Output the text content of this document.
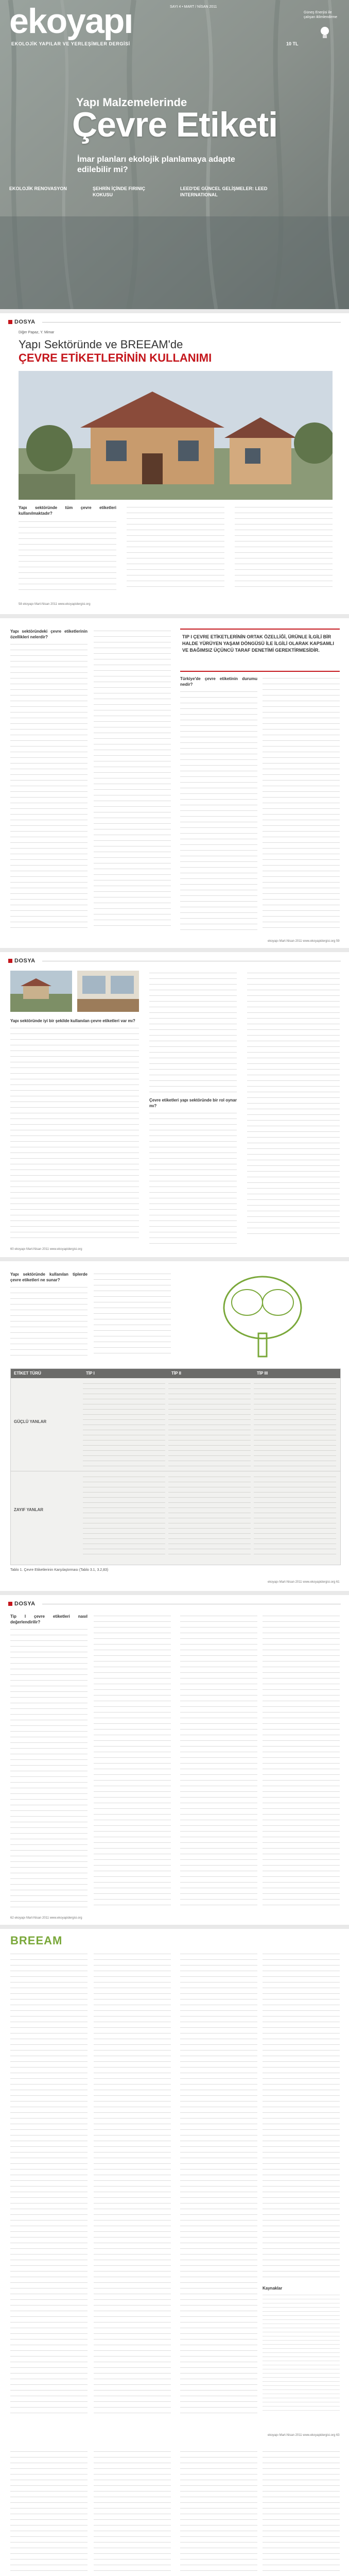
ekoyapı	SAYI 4 • MART / NİSAN 2011
EKOLOJİK YAPILAR VE YERLEŞİMLER DERGİSİ	10 TL
Güneş Enerjisi ile çalışan iklimlendirme
Yapı Malzemelerinde
Çevre Etiketi
İmar planları ekolojik planlamaya adapte edilebilir mi?
EKOLOJİK RENOVASYON	ŞEHRİN İÇİNDE FIRINIÇ KOKUSU
LEED'DE GÜNCEL GELİŞMELER: LEED INTERNATIONAL
DOSYA
Diğer Papaz, Y. Mimar
Yapı Sektöründe ve BREEAM'de
ÇEVRE ETİKETLERİNİN KULLANIMI

Yapı sektöründe tüm çevre etiketleri kullanılmaktadır?

58 ekoyapı Mart-Nisan 2011 www.ekoyapidergisi.org
Yapı sektöründeki çevre etiketlerinin özellikleri nelerdir?	TIP I ÇEVRE ETİKETLERİNİN ORTAK ÖZELLİĞİ, ÜRÜNLE İLGİLİ BİR HALDE YÜRÜYEN YAŞAM DÖNGÜSÜ İLE İLGİLİ OLARAK KAPSAMLI VE BAĞIMSIZ ÜÇÜNCÜ TARAF DENETİMİ GEREKTİRMESİDİR.
Türkiye'de çevre etiketinin durumu nedir?
ekoyapı Mart-Nisan 2011 www.ekoyapidergisi.org 59
DOSYA
Yapı sektöründe iyi bir şekilde kullanılan çevre etiketleri var mı?
Çevre etiketleri yapı sektöründe bir rol oynar mı?
60 ekoyapı Mart-Nisan 2011 www.ekoyapidergisi.org
Yapı sektöründe kullanılan tiplerde çevre etiketleri ne sunar?
ETİKET TÜRÜ	TİP I	TİP II	TİP III
GÜÇLÜ YANLAR
ZAYIF YANLAR
Tablo 1. Çevre Etiketlerinin Karşılaştırması (Tablo 3.1, 3.2,83)
ekoyapı Mart-Nisan 2011 www.ekoyapidergisi.org 61
DOSYA
Tip I çevre etiketleri nasıl değerlendirilir?
62 ekoyapı Mart-Nisan 2011 www.ekoyapidergisi.org
BREEAM
Kaynaklar
ekoyapı Mart-Nisan 2011 www.ekoyapidergisi.org 63
